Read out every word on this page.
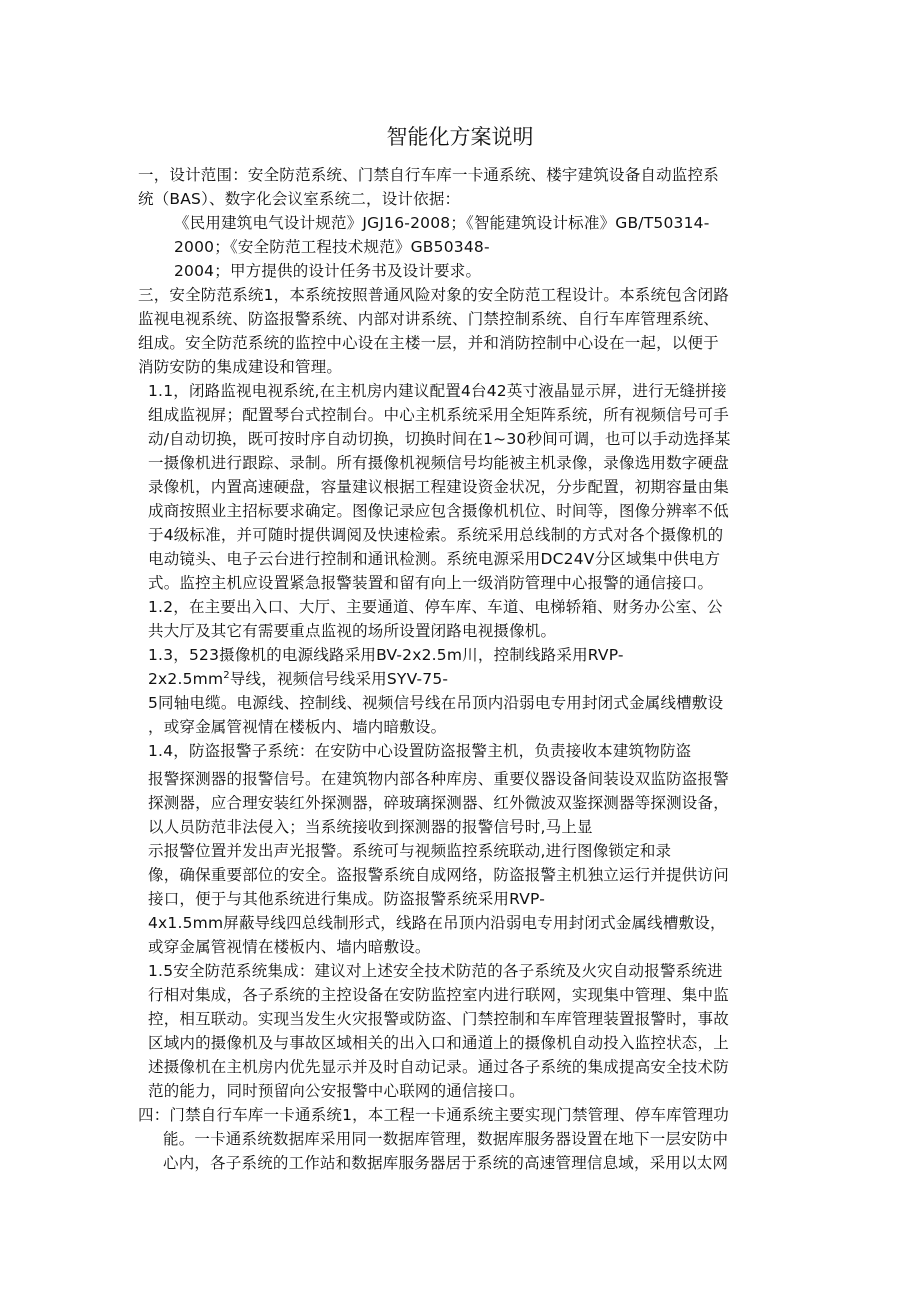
智能化方案说明
一，设计范围：安全防范系统、门禁自行车库一卡通系统、楼宇建筑设备自动监控系
统（BAS）、数字化会议室系统二，设计依据：
《民用建筑电气设计规范》JGJ16-2008；《智能建筑设计标准》GB/T50314-
2000；《安全防范工程技术规范》GB50348-
2004；甲方提供的设计任务书及设计要求。
三，安全防范系统1，本系统按照普通风险对象的安全防范工程设计。本系统包含闭路
监视电视系统、防盗报警系统、内部对讲系统、门禁控制系统、自行车库管理系统、
组成。安全防范系统的监控中心设在主楼一层，并和消防控制中心设在一起，以便于
消防安防的集成建设和管理。
1.1，闭路监视电视系统,在主机房内建议配置4台42英寸液晶显示屏，进行无缝拼接
组成监视屏；配置琴台式控制台。中心主机系统采用全矩阵系统，所有视频信号可手
动/自动切换，既可按时序自动切换，切换时间在1~30秒间可调，也可以手动选择某
一摄像机进行跟踪、录制。所有摄像机视频信号均能被主机录像，录像选用数字硬盘
录像机，内置高速硬盘，容量建议根据工程建设资金状况，分步配置，初期容量由集
成商按照业主招标要求确定。图像记录应包含摄像机机位、时间等，图像分辨率不低
于4级标准，并可随时提供调阅及快速检索。系统采用总线制的方式对各个摄像机的
电动镜头、电子云台进行控制和通讯检测。系统电源采用DC24V分区域集中供电方
式。监控主机应设置紧急报警装置和留有向上一级消防管理中心报警的通信接口。
1.2，在主要出入口、大厅、主要通道、停车库、车道、电梯轿箱、财务办公室、公
共大厅及其它有需要重点监视的场所设置闭路电视摄像机。
1.3，523摄像机的电源线路采用BV-2x2.5m川，控制线路采用RVP-
$2x2.5mm^2$导线，视频信号线采用SYV-75-
5同轴电缆。电源线、控制线、视频信号线在吊顶内沿弱电专用封闭式金属线槽敷设
，或穿金属管视情在楼板内、墙内暗敷设。
1.4，防盗报警子系统：在安防中心设置防盗报警主机，负责接收本建筑物防盗
报警探测器的报警信号。在建筑物内部各种库房、重要仪器设备间装设双监防盗报警
探测器，应合理安装红外探测器，碎玻璃探测器、红外微波双鉴探测器等探测设备，
以人员防范非法侵入；当系统接收到探测器的报警信号时,马上显
示报警位置并发出声光报警。系统可与视频监控系统联动,进行图像锁定和录
像，确保重要部位的安全。盗报警系统自成网络，防盗报警主机独立运行并提供访问
接口，便于与其他系统进行集成。防盗报警系统采用RVP-
4x1.5mm屏蔽导线四总线制形式，线路在吊顶内沿弱电专用封闭式金属线槽敷设，
或穿金属管视情在楼板内、墙内暗敷设。
1.5安全防范系统集成：建议对上述安全技术防范的各子系统及火灾自动报警系统进
行相对集成，各子系统的主控设备在安防监控室内进行联网，实现集中管理、集中监
控，相互联动。实现当发生火灾报警或防盗、门禁控制和车库管理装置报警时，事故
区域内的摄像机及与事故区域相关的出入口和通道上的摄像机自动投入监控状态，上
述摄像机在主机房内优先显示并及时自动记录。通过各子系统的集成提高安全技术防
范的能力，同时预留向公安报警中心联网的通信接口。
四：门禁自行车库一卡通系统1，本工程一卡通系统主要实现门禁管理、停车库管理功
能。一卡通系统数据库采用同一数据库管理，数据库服务器设置在地下一层安防中
心内，各子系统的工作站和数据库服务器居于系统的高速管理信息域，采用以太网
